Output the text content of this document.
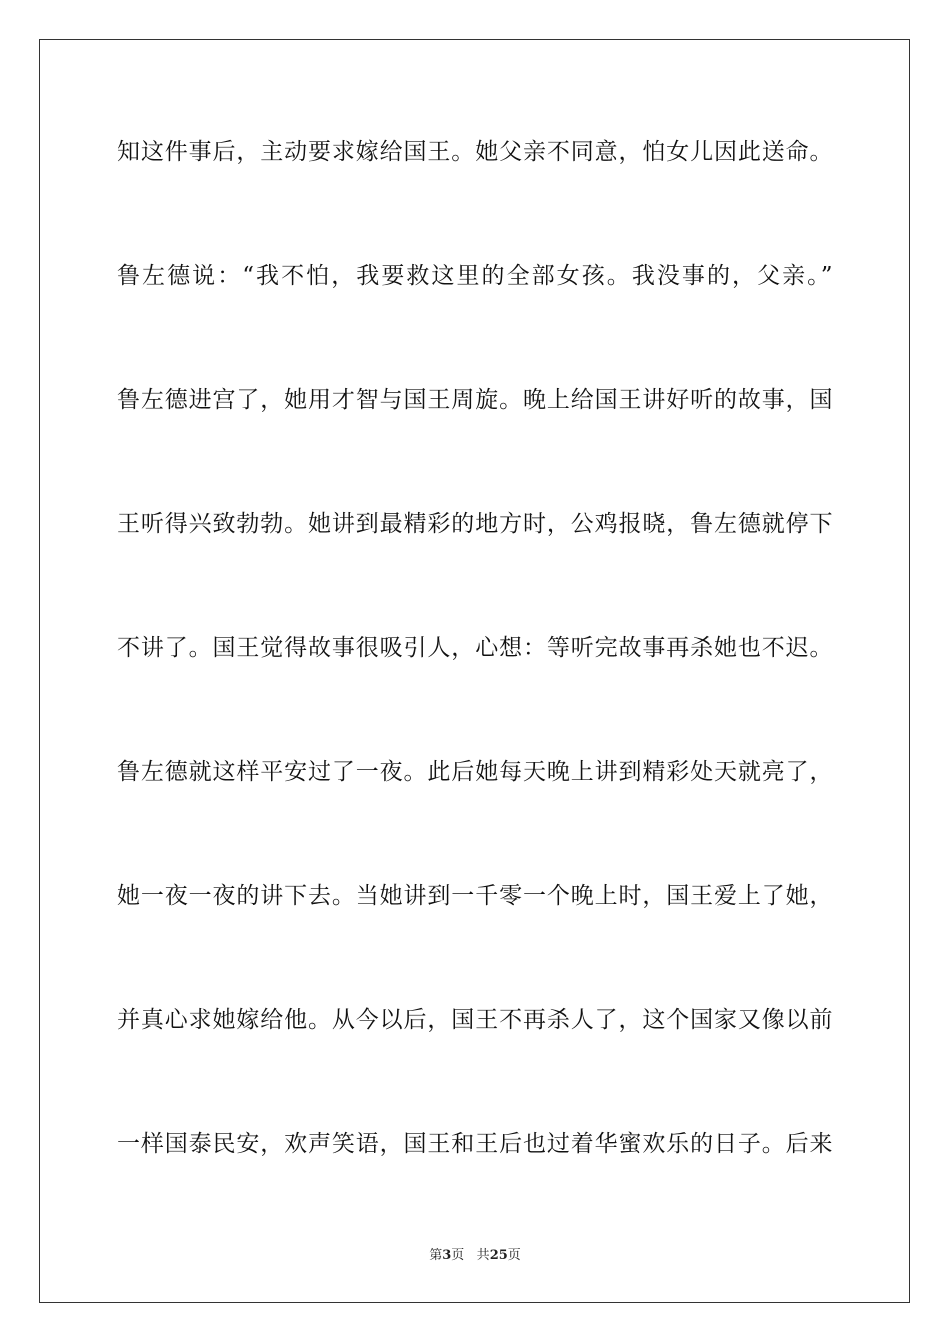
知这件事后，主动要求嫁给国王。她父亲不同意，怕女儿因此送命。
鲁左德说：“我不怕，我要救这里的全部女孩。我没事的，父亲。”
鲁左德进宫了，她用才智与国王周旋。晚上给国王讲好听的故事，国
王听得兴致勃勃。她讲到最精彩的地方时，公鸡报晓，鲁左德就停下
不讲了。国王觉得故事很吸引人，心想：等听完故事再杀她也不迟。
鲁左德就这样平安过了一夜。此后她每天晚上讲到精彩处天就亮了，
她一夜一夜的讲下去。当她讲到一千零一个晚上时，国王爱上了她，
并真心求她嫁给他。从今以后，国王不再杀人了，这个国家又像以前
一样国泰民安，欢声笑语，国王和王后也过着华蜜欢乐的日子。后来
第3页 共25页
